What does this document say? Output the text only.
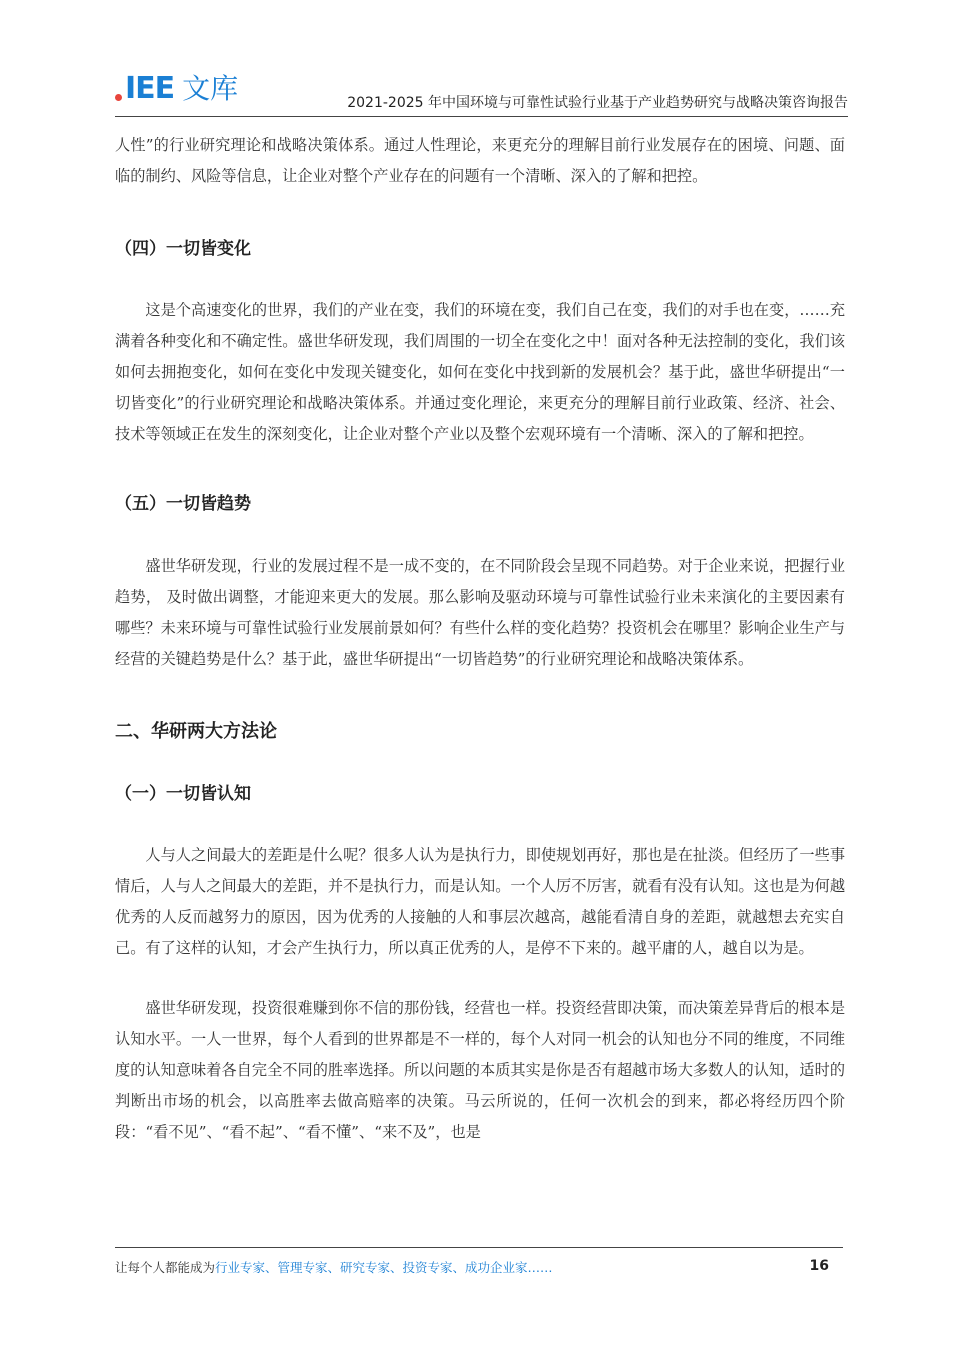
IEE 文库	2021-2025 年中国环境与可靠性试验行业基于产业趋势研究与战略决策咨询报告

人性”的行业研究理论和战略决策体系。通过人性理论，来更充分的理解目前行业发展存在的困境、问题、面临的制约、风险等信息，让企业对整个产业存在的问题有一个清晰、深入的了解和把控。

（四）一切皆变化

这是个高速变化的世界，我们的产业在变，我们的环境在变，我们自己在变，我们的对手也在变，……充满着各种变化和不确定性。盛世华研发现，我们周围的一切全在变化之中！面对各种无法控制的变化，我们该如何去拥抱变化，如何在变化中发现关键变化，如何在变化中找到新的发展机会？基于此，盛世华研提出“一切皆变化”的行业研究理论和战略决策体系。并通过变化理论，来更充分的理解目前行业政策、经济、社会、技术等领域正在发生的深刻变化，让企业对整个产业以及整个宏观环境有一个清晰、深入的了解和把控。

（五）一切皆趋势

盛世华研发现，行业的发展过程不是一成不变的，在不同阶段会呈现不同趋势。对于企业来说，把握行业趋势， 及时做出调整，才能迎来更大的发展。那么影响及驱动环境与可靠性试验行业未来演化的主要因素有哪些？未来环境与可靠性试验行业发展前景如何？有些什么样的变化趋势？投资机会在哪里？影响企业生产与经营的关键趋势是什么？基于此，盛世华研提出“一切皆趋势”的行业研究理论和战略决策体系。

二、华研两大方法论
（一）一切皆认知

人与人之间最大的差距是什么呢？很多人认为是执行力，即使规划再好，那也是在扯淡。但经历了一些事情后，人与人之间最大的差距，并不是执行力，而是认知。一个人厉不厉害，就看有没有认知。这也是为何越优秀的人反而越努力的原因，因为优秀的人接触的人和事层次越高，越能看清自身的差距，就越想去充实自己。有了这样的认知，才会产生执行力，所以真正优秀的人，是停不下来的。越平庸的人，越自以为是。

盛世华研发现，投资很难赚到你不信的那份钱，经营也一样。投资经营即决策，而决策差异背后的根本是认知水平。一人一世界，每个人看到的世界都是不一样的，每个人对同一机会的认知也分不同的维度，不同维度的认知意味着各自完全不同的胜率选择。所以问题的本质其实是你是否有超越市场大多数人的认知，适时的判断出市场的机会，以高胜率去做高赔率的决策。马云所说的，任何一次机会的到来，都必将经历四个阶段：“看不见”、“看不起”、“看不懂”、“来不及”，也是

让每个人都能成为行业专家、管理专家、研究专家、投资专家、成功企业家……	16
